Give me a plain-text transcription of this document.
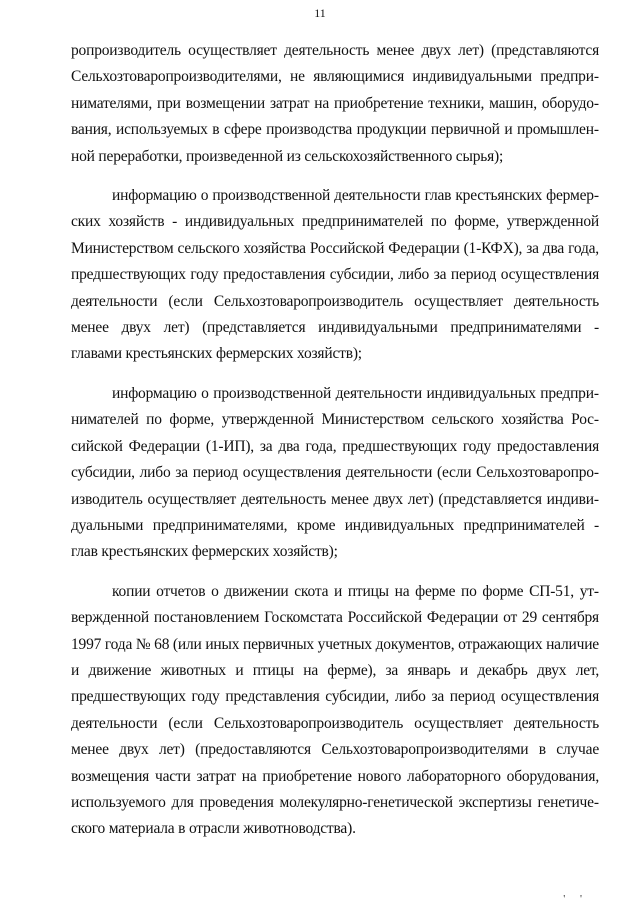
11

ропроизводитель осуществляет деятельность менее двух лет) (представляются Сельхозтоваропроизводителями, не являющимися индивидуальными предпринимателями, при возмещении затрат на приобретение техники, машин, оборудования, используемых в сфере производства продукции первичной и промышленной переработки, произведенной из сельскохозяйственного сырья);

информацию о производственной деятельности глав крестьянских фермерских хозяйств - индивидуальных предпринимателей по форме, утвержденной Министерством сельского хозяйства Российской Федерации (1-КФХ), за два года, предшествующих году предоставления субсидии, либо за период осуществления деятельности (если Сельхозтоваропроизводитель осуществляет деятельность менее двух лет) (представляется индивидуальными предпринимателями - главами крестьянских фермерских хозяйств);

информацию о производственной деятельности индивидуальных предпринимателей по форме, утвержденной Министерством сельского хозяйства Российской Федерации (1-ИП), за два года, предшествующих году предоставления субсидии, либо за период осуществления деятельности (если Сельхозтоваропроизводитель осуществляет деятельность менее двух лет) (представляется индивидуальными предпринимателями, кроме индивидуальных предпринимателей - глав крестьянских фермерских хозяйств);

копии отчетов о движении скота и птицы на ферме по форме СП-51, утвержденной постановлением Госкомстата Российской Федерации от 29 сентября 1997 года № 68 (или иных первичных учетных документов, отражающих наличие и движение животных и птицы на ферме), за январь и декабрь двух лет, предшествующих году представления субсидии, либо за период осуществления деятельности (если Сельхозтоваропроизводитель осуществляет деятельность менее двух лет) (предоставляются Сельхозтоваропроизводителями в случае возмещения части затрат на приобретение нового лабораторного оборудования, используемого для проведения молекулярно-генетической экспертизы генетического материала в отрасли животноводства).

' '
